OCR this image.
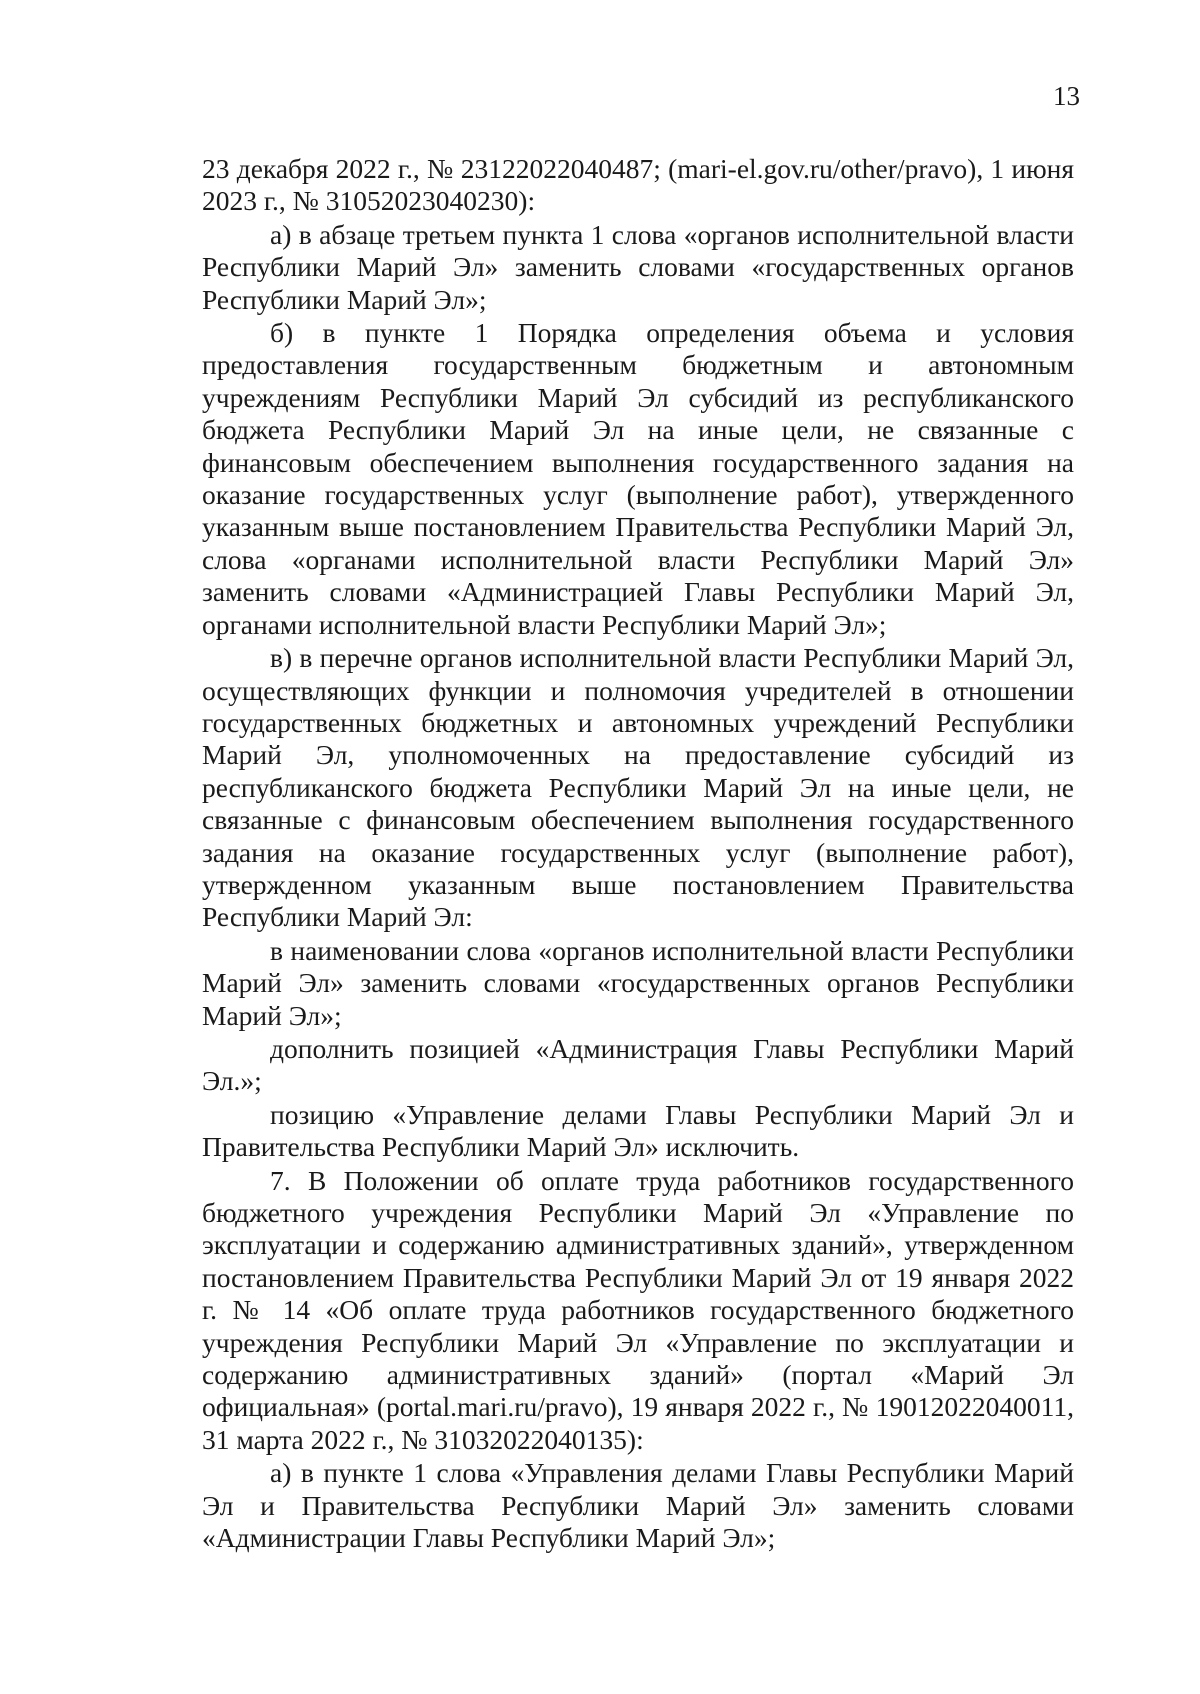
13

23 декабря 2022 г., № 23122022040487; (mari-el.gov.ru/other/pravo), 1 июня 2023 г., № 31052023040230):

а) в абзаце третьем пункта 1 слова «органов исполнительной власти Республики Марий Эл» заменить словами «государственных органов Республики Марий Эл»;

б) в пункте 1 Порядка определения объема и условия предоставления государственным бюджетным и автономным учреждениям Республики Марий Эл субсидий из республиканского бюджета Республики Марий Эл на иные цели, не связанные с финансовым обеспечением выполнения государственного задания на оказание государственных услуг (выполнение работ), утвержденного указанным выше постановлением Правительства Республики Марий Эл, слова «органами исполнительной власти Республики Марий Эл» заменить словами «Администрацией Главы Республики Марий Эл, органами исполнительной власти Республики Марий Эл»;

в) в перечне органов исполнительной власти Республики Марий Эл, осуществляющих функции и полномочия учредителей в отношении государственных бюджетных и автономных учреждений Республики Марий Эл, уполномоченных на предоставление субсидий из республиканского бюджета Республики Марий Эл на иные цели, не связанные с финансовым обеспечением выполнения государственного задания на оказание государственных услуг (выполнение работ), утвержденном указанным выше постановлением Правительства Республики Марий Эл:

в наименовании слова «органов исполнительной власти Республики Марий Эл» заменить словами «государственных органов Республики Марий Эл»;

дополнить позицией «Администрация Главы Республики Марий Эл.»;

позицию «Управление делами Главы Республики Марий Эл и Правительства Республики Марий Эл» исключить.

7. В Положении об оплате труда работников государственного бюджетного учреждения Республики Марий Эл «Управление по эксплуатации и содержанию административных зданий», утвержденном постановлением Правительства Республики Марий Эл от 19 января 2022 г. № 14 «Об оплате труда работников государственного бюджетного учреждения Республики Марий Эл «Управление по эксплуатации и содержанию административных зданий» (портал «Марий Эл официальная» (portal.mari.ru/pravo), 19 января 2022 г., № 19012022040011, 31 марта 2022 г., № 31032022040135):

а) в пункте 1 слова «Управления делами Главы Республики Марий Эл и Правительства Республики Марий Эл» заменить словами «Администрации Главы Республики Марий Эл»;
